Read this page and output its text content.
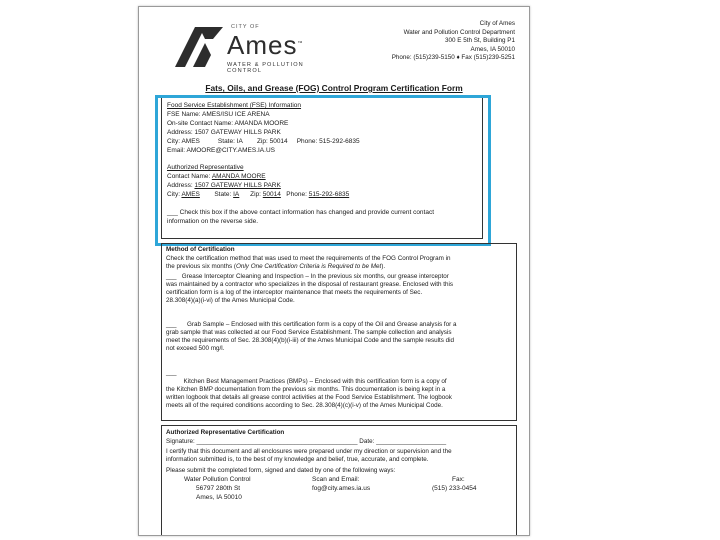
CITY OF
Ames™
WATER & POLLUTION CONTROL
City of Ames
Water and Pollution Control Department
300 E 5th St, Building P1
Ames, IA 50010
Phone: (515)239-5150 ♦ Fax (515)239-5251
Fats, Oils, and Grease (FOG) Control Program Certification Form
Food Service Establishment (FSE) Information
FSE Name: AMES/ISU ICE ARENA
On-site Contact Name: AMANDA MOORE
Address: 1507 GATEWAY HILLS PARK
City: AMES          State: IA        Zip: 50014     Phone: 515-292-6835
Email: AMOORE@CITY.AMES.IA.US
Authorized Representative
Contact Name: AMANDA MOORE
Address: 1507 GATEWAY HILLS PARK
City: AMES State: IA Zip: 50014 Phone: 515-292-6835
___ Check this box if the above contact information has changed and provide current contact
information on the reverse side.
Method of Certification
Check the certification method that was used to meet the requirements of the FOG Control Program in
the previous six months (Only One Certification Criteria is Required to be Met).
___   Grease Interceptor Cleaning and Inspection – In the previous six months, our grease interceptor
was maintained by a contractor who specializes in the disposal of restaurant grease. Enclosed with this
certification form is a log of the interceptor maintenance that meets the requirements of Sec.
28.308(4)(a)(i-vi) of the Ames Municipal Code.
___      Grab Sample – Enclosed with this certification form is a copy of the Oil and Grease analysis for a
grab sample that was collected at our Food Service Establishment. The sample collection and analysis
meet the requirements of Sec. 28.308(4)(b)(i-iii) of the Ames Municipal Code and the sample results did
not exceed 500 mg/l.
___
Kitchen Best Management Practices (BMPs) – Enclosed with this certification form is a copy of
the Kitchen BMP documentation from the previous six months. This documentation is being kept in a
written logbook that details all grease control activities at the Food Service Establishment. The logbook
meets all of the required conditions according to Sec. 28.308(4)(c)(i-v) of the Ames Municipal Code.
Authorized Representative Certification
Signature: ______________________________________________ Date: ____________________
I certify that this document and all enclosures were prepared under my direction or supervision and the
information submitted is, to the best of my knowledge and belief, true, accurate, and complete.
Please submit the completed form, signed and dated by one of the following ways:
Water Pollution Control
56797 280th St
Ames, IA 50010
Scan and Email:
fog@city.ames.ia.us
Fax:
(515) 233-0454
